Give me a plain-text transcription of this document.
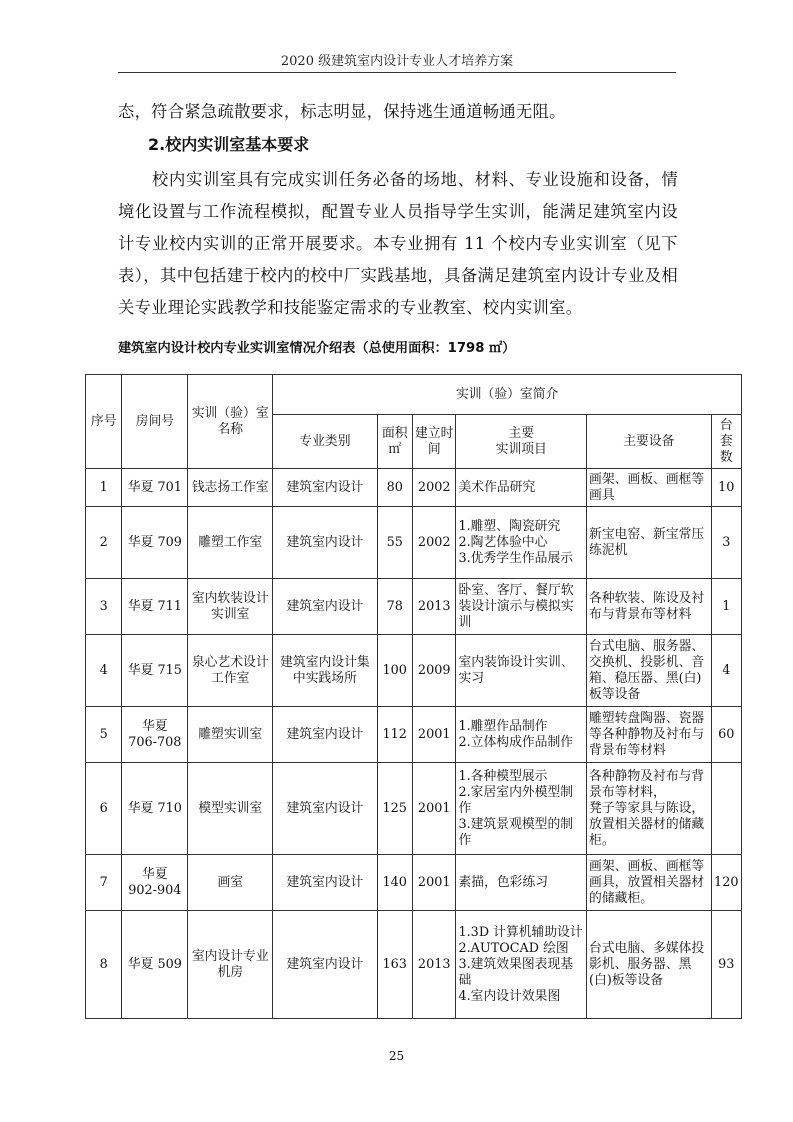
2020 级建筑室内设计专业人才培养方案
态，符合紧急疏散要求，标志明显，保持逃生通道畅通无阻。
2.校内实训室基本要求
校内实训室具有完成实训任务必备的场地、材料、专业设施和设备，情境化设置与工作流程模拟，配置专业人员指导学生实训，能满足建筑室内设计专业校内实训的正常开展要求。本专业拥有 11 个校内专业实训室（见下表），其中包括建于校内的校中厂实践基地，具备满足建筑室内设计专业及相关专业理论实践教学和技能鉴定需求的专业教室、校内实训室。
建筑室内设计校内专业实训室情况介绍表（总使用面积：1798 ㎡）
序号	房间号	实训（验）室名称	实训（验）室简介					
			专业类别	面积㎡	建立时间	主要
实训项目	主要设备	台套数
1	华夏 701	钱志扬工作室	建筑室内设计	80	2002	美术作品研究	画架、画板、画框等画具	10
2	华夏 709	雕塑工作室	建筑室内设计	55	2002	1.雕塑、陶瓷研究
2.陶艺体验中心
3.优秀学生作品展示	新宝电窑、新宝常压练泥机	3
3	华夏 711	室内软装设计实训室	建筑室内设计	78	2013	卧室、客厅、餐厅软装设计演示与模拟实训	各种软装、陈设及衬布与背景布等材料	1
4	华夏 715	泉心艺术设计工作室	建筑室内设计集中实践场所	100	2009	室内装饰设计实训、实习	台式电脑、服务器、交换机、投影机、音箱、稳压器、黑(白)板等设备	4
5	华夏
706-708	雕塑实训室	建筑室内设计	112	2001	1.雕塑作品制作
2.立体构成作品制作	雕塑转盘陶器、瓷器等各种静物及衬布与背景布等材料	60
6	华夏 710	模型实训室	建筑室内设计	125	2001	1.各种模型展示
2.家居室内外模型制作
3.建筑景观模型的制作	各种静物及衬布与背景布等材料，
凳子等家具与陈设，放置相关器材的储藏柜。	
7	华夏
902-904	画室	建筑室内设计	140	2001	素描，色彩练习	画架、画板、画框等画具，放置相关器材的储藏柜。	120
8	华夏 509	室内设计专业机房	建筑室内设计	163	2013	1.3D 计算机辅助设计
2.AUTOCAD 绘图
3.建筑效果图表现基础
4.室内设计效果图	台式电脑、多媒体投影机、服务器、黑(白)板等设备	93
25
